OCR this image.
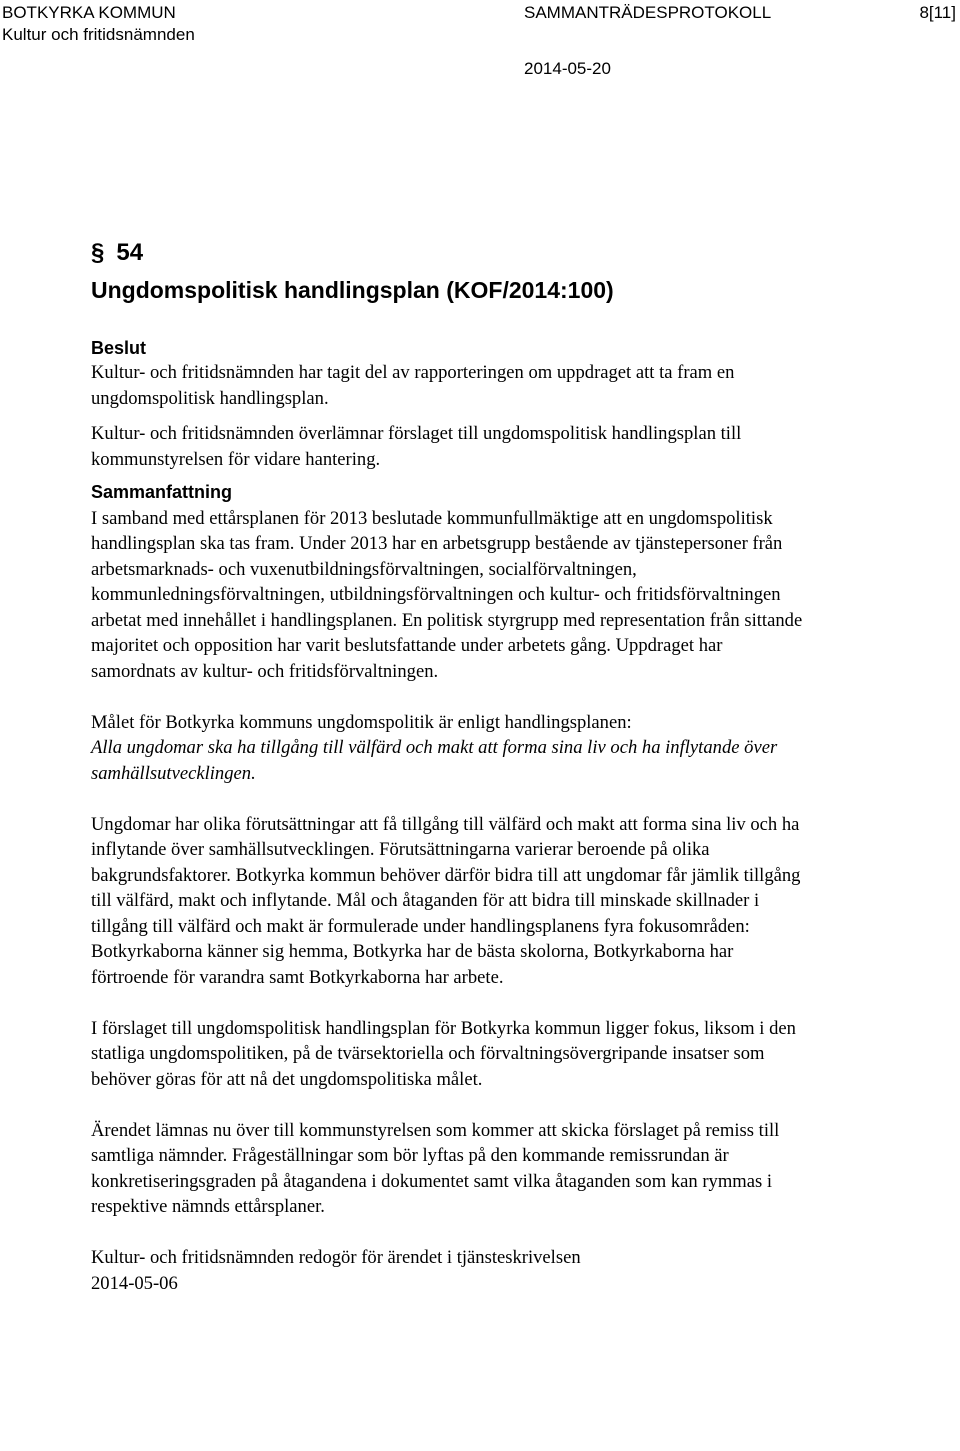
BOTKYRKA KOMMUN
Kultur och fritidsnämnden
SAMMANTRÄDESPROTOKOLL	8[11]
2014-05-20
§ 54
Ungdomspolitisk handlingsplan (KOF/2014:100)
Beslut

Kultur- och fritidsnämnden har tagit del av rapporteringen om uppdraget att ta fram en ungdomspolitisk handlingsplan.

Kultur- och fritidsnämnden överlämnar förslaget till ungdomspolitisk handlingsplan till kommunstyrelsen för vidare hantering.

Sammanfattning

I samband med ettårsplanen för 2013 beslutade kommunfullmäktige att en ungdomspolitisk handlingsplan ska tas fram. Under 2013 har en arbetsgrupp bestående av tjänstepersoner från arbetsmarknads- och vuxenutbildningsförvaltningen, socialförvaltningen, kommunledningsförvaltningen, utbildningsförvaltningen och kultur- och fritidsförvaltningen arbetat med innehållet i handlingsplanen. En politisk styrgrupp med representation från sittande majoritet och opposition har varit beslutsfattande under arbetets gång. Uppdraget har samordnats av kultur- och fritidsförvaltningen.

Målet för Botkyrka kommuns ungdomspolitik är enligt handlingsplanen:

Alla ungdomar ska ha tillgång till välfärd och makt att forma sina liv och ha inflytande över samhällsutvecklingen.

Ungdomar har olika förutsättningar att få tillgång till välfärd och makt att forma sina liv och ha inflytande över samhällsutvecklingen. Förutsättningarna varierar beroende på olika bakgrundsfaktorer. Botkyrka kommun behöver därför bidra till att ungdomar får jämlik tillgång till välfärd, makt och inflytande. Mål och åtaganden för att bidra till minskade skillnader i tillgång till välfärd och makt är formulerade under handlingsplanens fyra fokusområden: Botkyrkaborna känner sig hemma, Botkyrka har de bästa skolorna, Botkyrkaborna har förtroende för varandra samt Botkyrkaborna har arbete.

I förslaget till ungdomspolitisk handlingsplan för Botkyrka kommun ligger fokus, liksom i den statliga ungdomspolitiken, på de tvärsektoriella och förvaltningsövergripande insatser som behöver göras för att nå det ungdomspolitiska målet.

Ärendet lämnas nu över till kommunstyrelsen som kommer att skicka förslaget på remiss till samtliga nämnder. Frågeställningar som bör lyftas på den kommande remissrundan är konkretiseringsgraden på åtagandena i dokumentet samt vilka åtaganden som kan rymmas i respektive nämnds ettårsplaner.

Kultur- och fritidsnämnden redogör för ärendet i tjänsteskrivelsen
2014-05-06
